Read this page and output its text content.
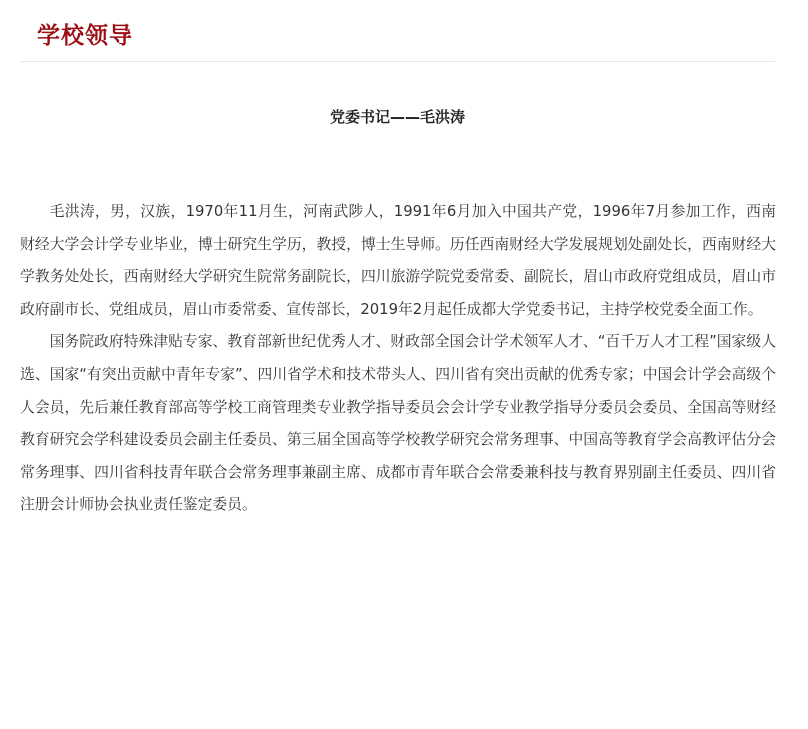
学校领导
党委书记——毛洪涛

毛洪涛，男，汉族，1970年11月生，河南武陟人，1991年6月加入中国共产党，1996年7月参加工作，西南财经大学会计学专业毕业，博士研究生学历，教授，博士生导师。历任西南财经大学发展规划处副处长，西南财经大学教务处处长，西南财经大学研究生院常务副院长，四川旅游学院党委常委、副院长，眉山市政府党组成员，眉山市政府副市长、党组成员，眉山市委常委、宣传部长，2019年2月起任成都大学党委书记，主持学校党委全面工作。

国务院政府特殊津贴专家、教育部新世纪优秀人才、财政部全国会计学术领军人才、“百千万人才工程”国家级人选、国家“有突出贡献中青年专家”、四川省学术和技术带头人、四川省有突出贡献的优秀专家；中国会计学会高级个人会员，先后兼任教育部高等学校工商管理类专业教学指导委员会会计学专业教学指导分委员会委员、全国高等财经教育研究会学科建设委员会副主任委员、第三届全国高等学校教学研究会常务理事、中国高等教育学会高教评估分会常务理事、四川省科技青年联合会常务理事兼副主席、成都市青年联合会常委兼科技与教育界别副主任委员、四川省注册会计师协会执业责任鉴定委员。
